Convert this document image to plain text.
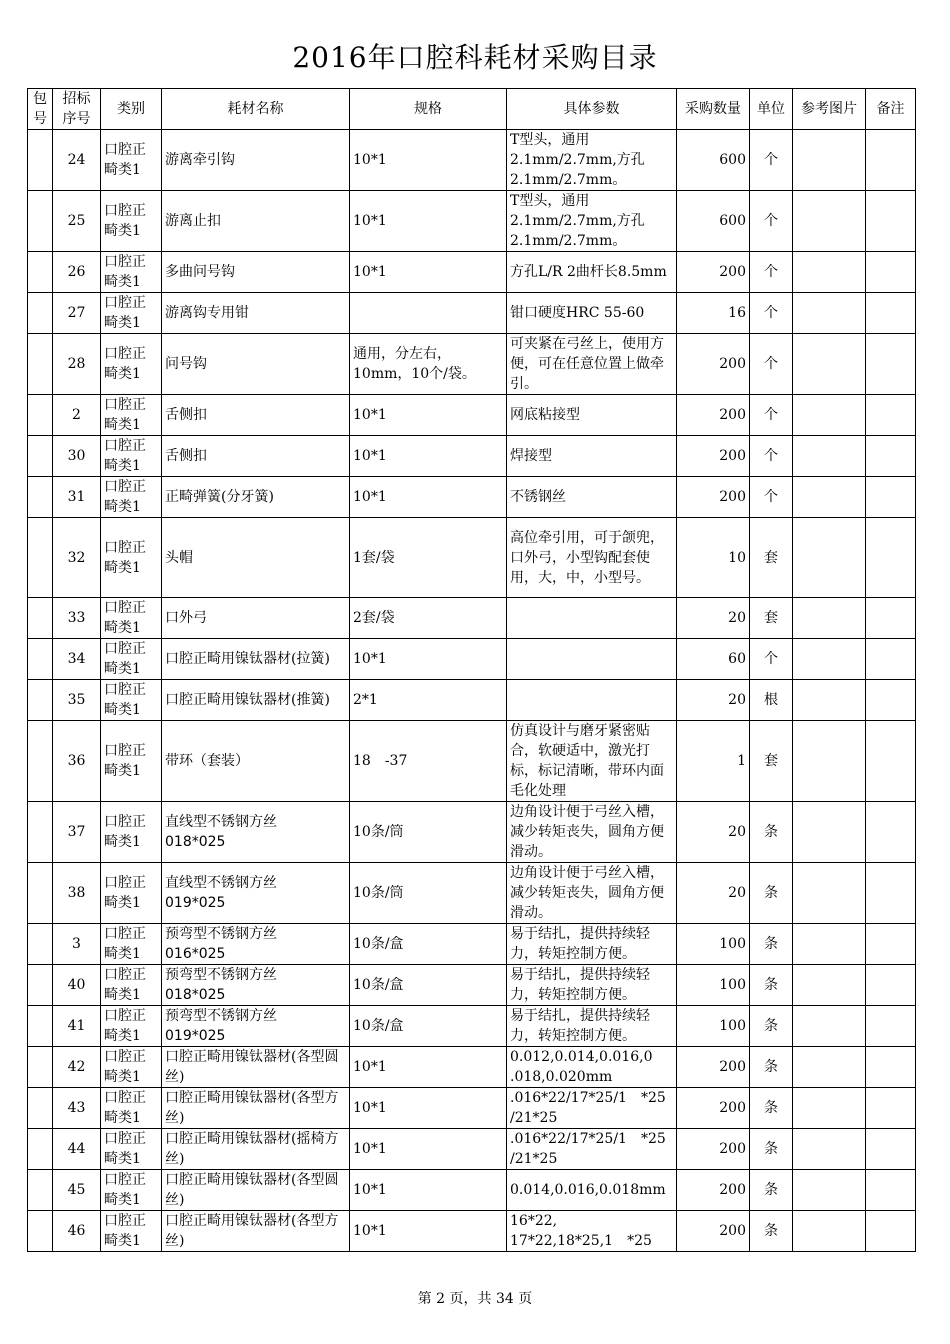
2016年口腔科耗材采购目录
包号	招标序号	类别	耗材名称	规格	具体参数	采购数量	单位	参考图片	备注
	24	口腔正畸类1	游离牵引钩	10*1	T型头，通用
2.1mm/2.7mm,方孔
2.1mm/2.7mm。	600	个		
	25	口腔正畸类1	游离止扣	10*1	T型头，通用
2.1mm/2.7mm,方孔
2.1mm/2.7mm。	600	个		
	26	口腔正畸类1	多曲问号钩	10*1	方孔L/R 2曲杆长8.5mm	200	个		
	27	口腔正畸类1	游离钩专用钳		钳口硬度HRC 55-60	16	个		
	28	口腔正畸类1	问号钩	通用，分左右，
10mm，10个/袋。	可夹紧在弓丝上，使用方便，可在任意位置上做牵引。	200	个		
	2	口腔正畸类1	舌侧扣	10*1	网底粘接型	200	个		
	30	口腔正畸类1	舌侧扣	10*1	焊接型	200	个		
	31	口腔正畸类1	正畸弹簧(分牙簧)	10*1	不锈钢丝	200	个		
	32	口腔正畸类1	头帽	1套/袋	高位牵引用，可于颌兜，口外弓，小型钩配套使用，大，中，小型号。	10	套		
	33	口腔正畸类1	口外弓	2套/袋		20	套		
	34	口腔正畸类1	口腔正畸用镍钛器材(拉簧)	10*1		60	个		
	35	口腔正畸类1	口腔正畸用镍钛器材(推簧)	2*1		20	根		
	36	口腔正畸类1	带环（套装）	18　-37	仿真设计与磨牙紧密贴合，软硬适中，激光打标，标记清晰，带环内面毛化处理	1	套		
	37	口腔正畸类1	直线型不锈钢方丝
018*025	10条/筒	边角设计便于弓丝入槽，减少转矩丧失，圆角方便滑动。	20	条		
	38	口腔正畸类1	直线型不锈钢方丝
019*025	10条/筒	边角设计便于弓丝入槽，减少转矩丧失，圆角方便滑动。	20	条		
	3	口腔正畸类1	预弯型不锈钢方丝
016*025	10条/盒	易于结扎，提供持续轻力，转矩控制方便。	100	条		
	40	口腔正畸类1	预弯型不锈钢方丝
018*025	10条/盒	易于结扎，提供持续轻力，转矩控制方便。	100	条		
	41	口腔正畸类1	预弯型不锈钢方丝
019*025	10条/盒	易于结扎，提供持续轻力，转矩控制方便。	100	条		
	42	口腔正畸类1	口腔正畸用镍钛器材(各型圆丝)	10*1	0.012,0.014,0.016,0
.018,0.020mm	200	条		
	43	口腔正畸类1	口腔正畸用镍钛器材(各型方丝)	10*1	.016*22/17*25/1　*25
/21*25	200	条		
	44	口腔正畸类1	口腔正畸用镍钛器材(摇椅方丝)	10*1	.016*22/17*25/1　*25
/21*25	200	条		
	45	口腔正畸类1	口腔正畸用镍钛器材(各型圆丝)	10*1	0.014,0.016,0.018mm	200	条		
	46	口腔正畸类1	口腔正畸用镍钛器材(各型方丝)	10*1	16*22,
17*22,18*25,1　*25	200	条		
第 2 页，共 34 页
